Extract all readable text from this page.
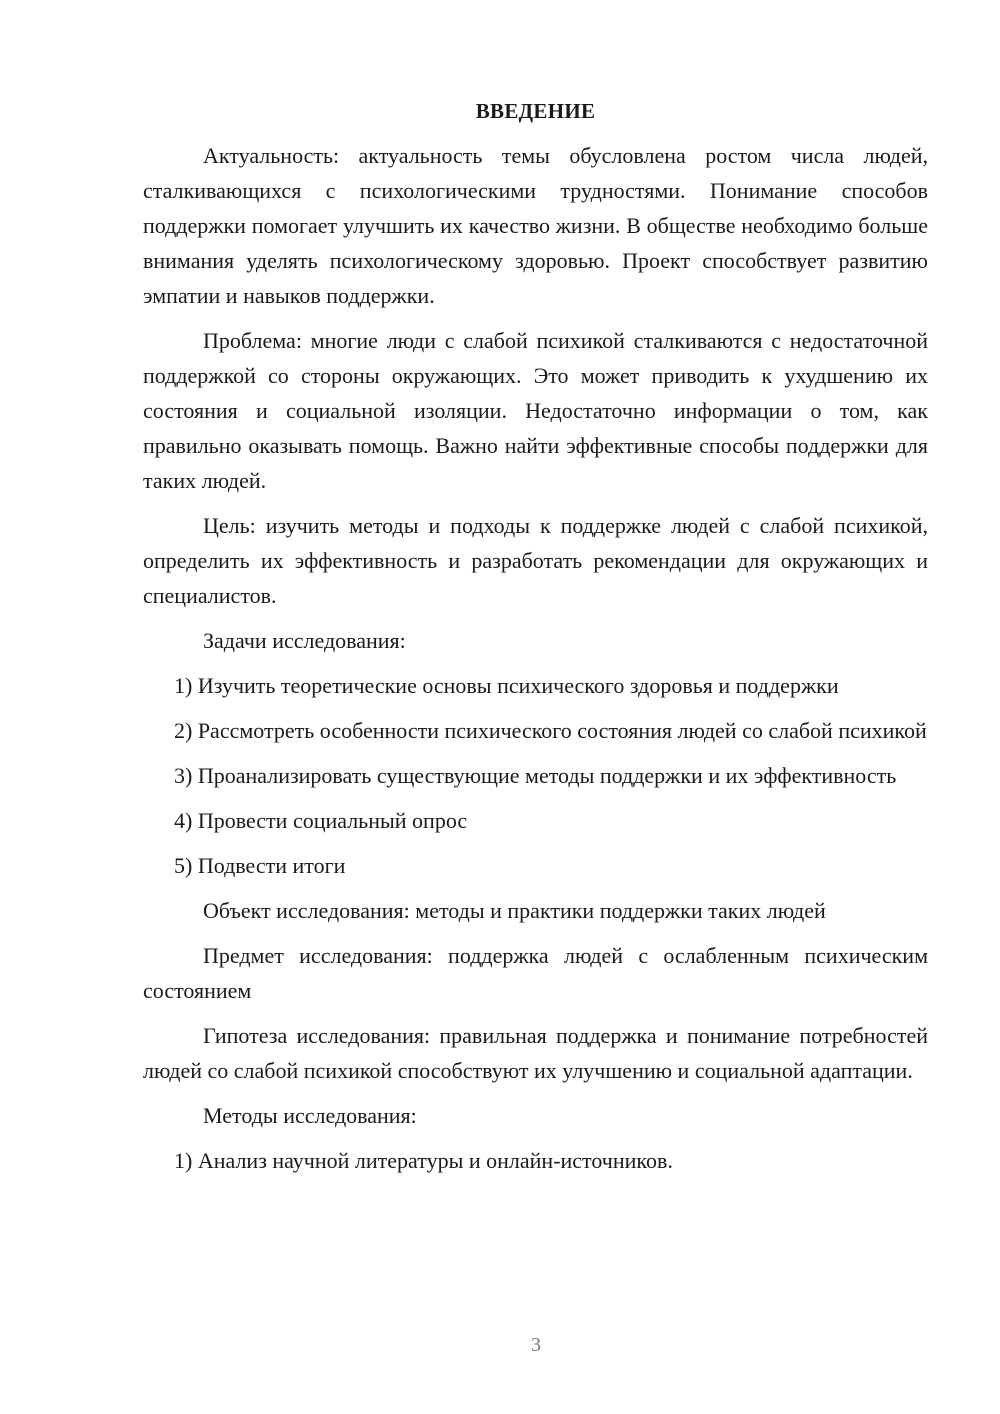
ВВЕДЕНИЕ
Актуальность: актуальность темы обусловлена ростом числа людей, сталкивающихся с психологическими трудностями. Понимание способов поддержки помогает улучшить их качество жизни. В обществе необходимо больше внимания уделять психологическому здоровью. Проект способствует развитию эмпатии и навыков поддержки.
Проблема: многие люди с слабой психикой сталкиваются с недостаточной поддержкой со стороны окружающих. Это может приводить к ухудшению их состояния и социальной изоляции. Недостаточно информации о том, как правильно оказывать помощь. Важно найти эффективные способы поддержки для таких людей.
Цель: изучить методы и подходы к поддержке людей с слабой психикой, определить их эффективность и разработать рекомендации для окружающих и специалистов.
Задачи исследования:
1) Изучить теоретические основы психического здоровья и поддержки
2) Рассмотреть особенности психического состояния людей со слабой психикой
3) Проанализировать существующие методы поддержки и их эффективность
4) Провести социальный опрос
5) Подвести итоги
Объект исследования: методы и практики поддержки таких людей
Предмет исследования: поддержка людей с ослабленным психическим состоянием
Гипотеза исследования: правильная поддержка и понимание потребностей людей со слабой психикой способствуют их улучшению и социальной адаптации.
Методы исследования:
1) Анализ научной литературы и онлайн-источников.
3
